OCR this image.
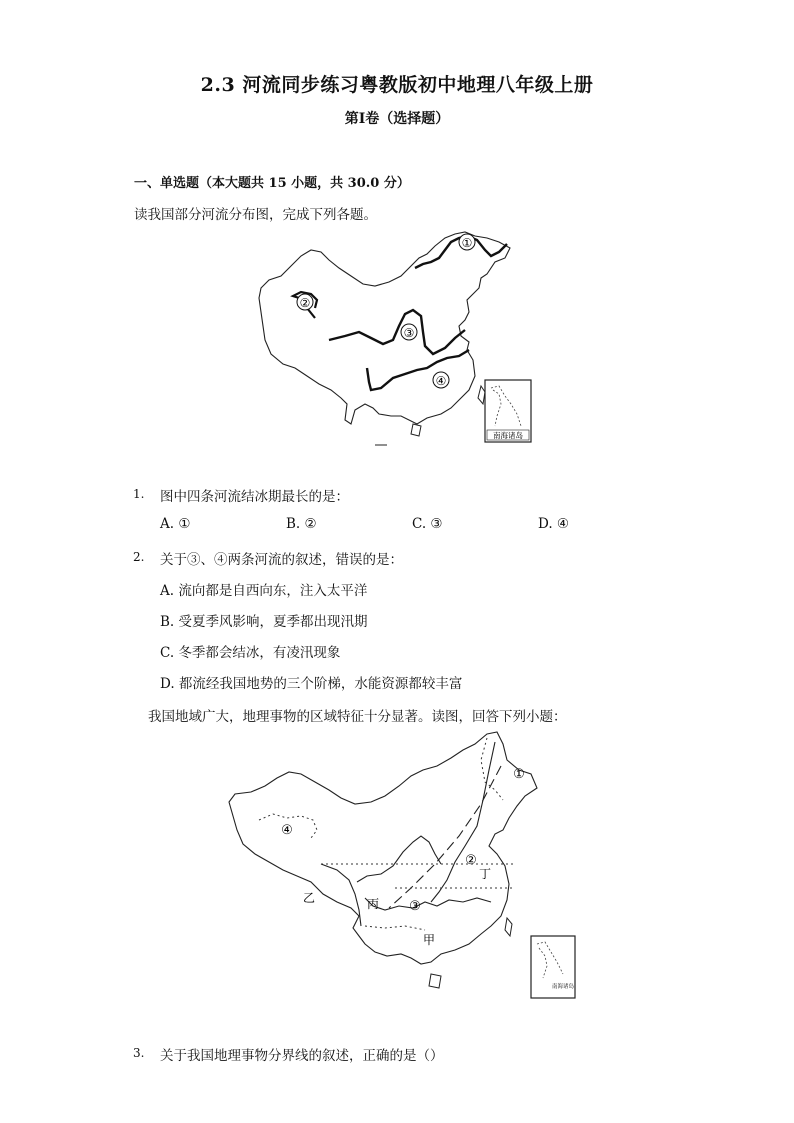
2.3 河流同步练习粤教版初中地理八年级上册
第Ⅰ卷（选择题）
一、单选题（本大题共 15 小题，共 30.0 分）
读我国部分河流分布图，完成下列各题。
①
②
③
④
南海诸岛
1. 图中四条河流结冰期最长的是：
A. ①	B. ②	C. ③	D. ④
2. 关于③、④两条河流的叙述，错误的是：
A. 流向都是自西向东，注入太平洋
B. 受夏季风影响，夏季都出现汛期
C. 冬季都会结冰，有凌汛现象
D. 都流经我国地势的三个阶梯，水能资源都较丰富
我国地域广大，地理事物的区域特征十分显著。读图，回答下列小题：
①
②
③
④
甲
乙	丙
丁
南海诸岛
3. 关于我国地理事物分界线的叙述，正确的是（）
